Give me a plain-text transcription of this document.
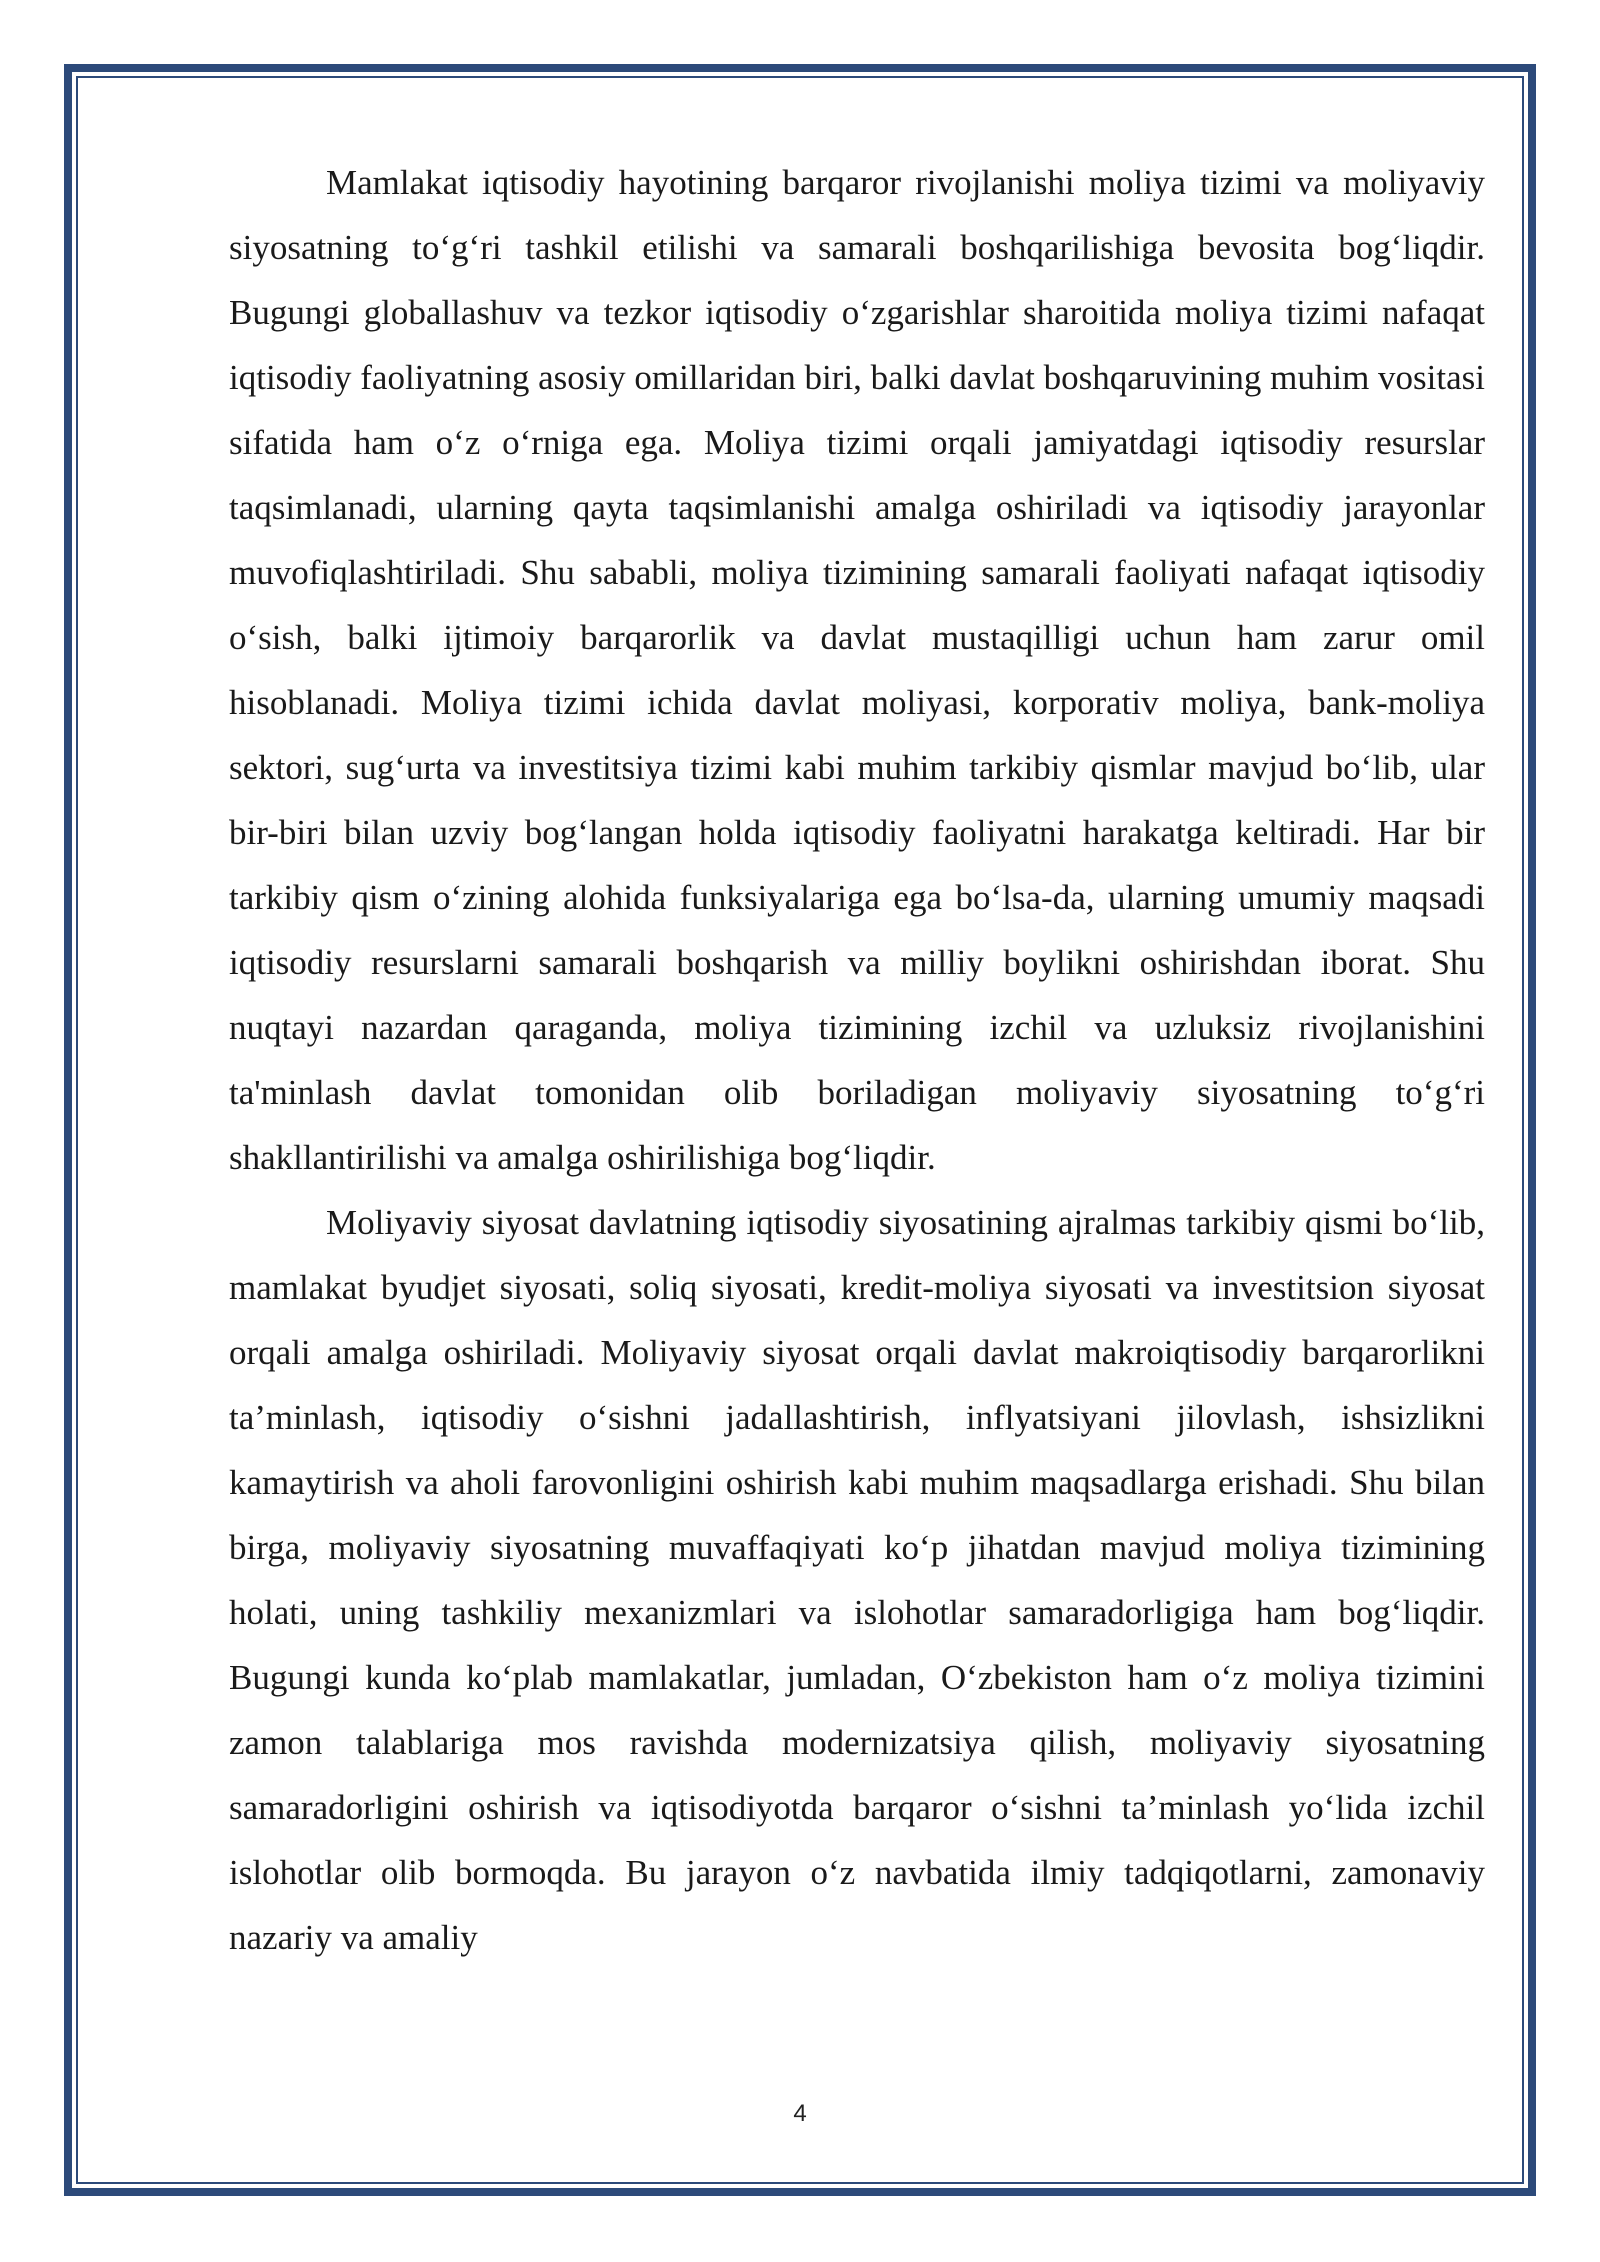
Mamlakat iqtisodiy hayotining barqaror rivojlanishi moliya tizimi va moliyaviy siyosatning to‘g‘ri tashkil etilishi va samarali boshqarilishiga bevosita bog‘liqdir. Bugungi globallashuv va tezkor iqtisodiy o‘zgarishlar sharoitida moliya tizimi nafaqat iqtisodiy faoliyatning asosiy omillaridan biri, balki davlat boshqaruvining muhim vositasi sifatida ham o‘z o‘rniga ega. Moliya tizimi orqali jamiyatdagi iqtisodiy resurslar taqsimlanadi, ularning qayta taqsimlanishi amalga oshiriladi va iqtisodiy jarayonlar muvofiqlashtiriladi. Shu sababli, moliya tizimining samarali faoliyati nafaqat iqtisodiy o‘sish, balki ijtimoiy barqarorlik va davlat mustaqilligi uchun ham zarur omil hisoblanadi. Moliya tizimi ichida davlat moliyasi, korporativ moliya, bank-moliya sektori, sug‘urta va investitsiya tizimi kabi muhim tarkibiy qismlar mavjud bo‘lib, ular bir-biri bilan uzviy bog‘langan holda iqtisodiy faoliyatni harakatga keltiradi. Har bir tarkibiy qism o‘zining alohida funksiyalariga ega bo‘lsa-da, ularning umumiy maqsadi iqtisodiy resurslarni samarali boshqarish va milliy boylikni oshirishdan iborat. Shu nuqtayi nazardan qaraganda, moliya tizimining izchil va uzluksiz rivojlanishini ta'minlash davlat tomonidan olib boriladigan moliyaviy siyosatning to‘g‘ri shakllantirilishi va amalga oshirilishiga bog‘liqdir.

Moliyaviy siyosat davlatning iqtisodiy siyosatining ajralmas tarkibiy qismi bo‘lib, mamlakat byudjet siyosati, soliq siyosati, kredit-moliya siyosati va investitsion siyosat orqali amalga oshiriladi. Moliyaviy siyosat orqali davlat makroiqtisodiy barqarorlikni ta’minlash, iqtisodiy o‘sishni jadallashtirish, inflyatsiyani jilovlash, ishsizlikni kamaytirish va aholi farovonligini oshirish kabi muhim maqsadlarga erishadi. Shu bilan birga, moliyaviy siyosatning muvaffaqiyati ko‘p jihatdan mavjud moliya tizimining holati, uning tashkiliy mexanizmlari va islohotlar samaradorligiga ham bog‘liqdir. Bugungi kunda ko‘plab mamlakatlar, jumladan, O‘zbekiston ham o‘z moliya tizimini zamon talablariga mos ravishda modernizatsiya qilish, moliyaviy siyosatning samaradorligini oshirish va iqtisodiyotda barqaror o‘sishni ta’minlash yo‘lida izchil islohotlar olib bormoqda. Bu jarayon o‘z navbatida ilmiy tadqiqotlarni, zamonaviy nazariy va amaliy

4
